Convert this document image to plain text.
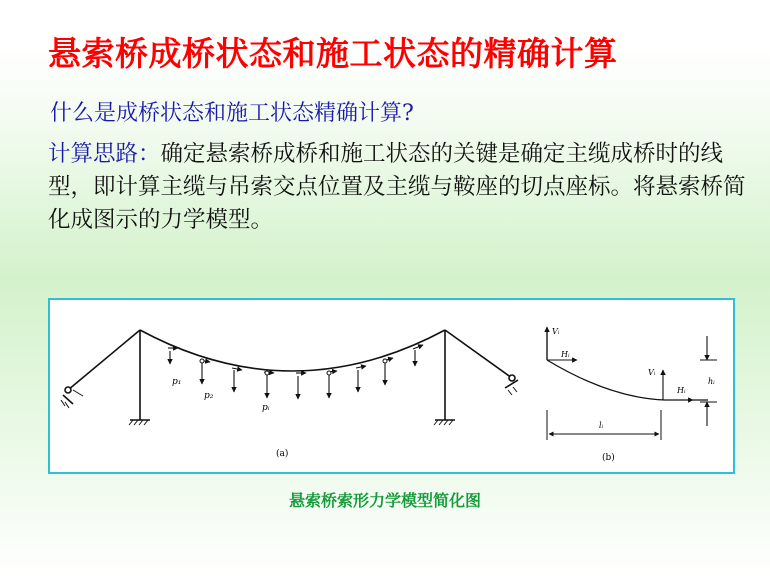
悬索桥成桥状态和施工状态的精确计算
什么是成桥状态和施工状态精确计算?
计算思路：确定悬索桥成桥和施工状态的关键是确定主缆成桥时的线型，即计算主缆与吊索交点位置及主缆与鞍座的切点座标。将悬索桥简化成图示的力学模型。
p₁
p₂
pᵢ
(a)
Vᵢ
Hᵢ
Vᵢ
Hᵢ
hᵢ
lᵢ
(b)
悬索桥索形力学模型简化图
